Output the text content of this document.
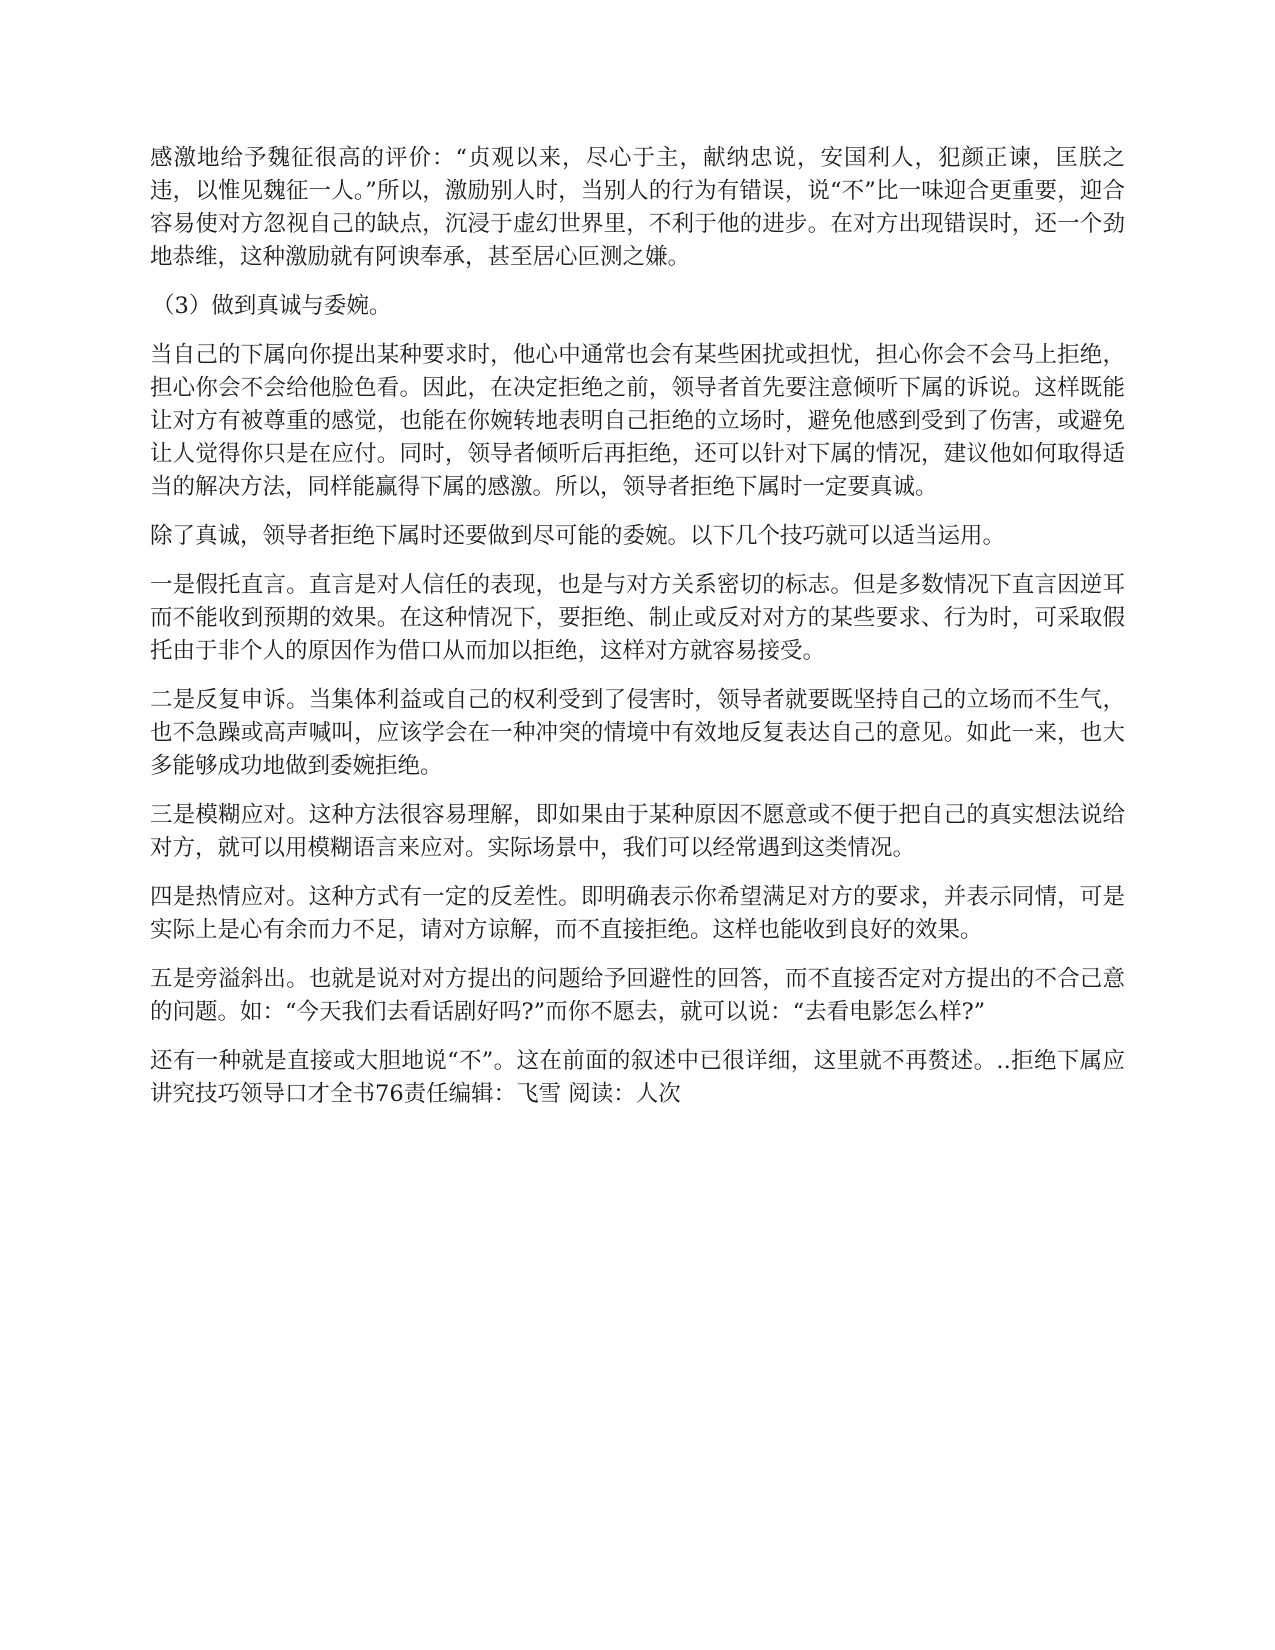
感激地给予魏征很高的评价：“贞观以来，尽心于主，献纳忠说，安国利人，犯颜正谏，匡朕之违，以惟见魏征一人。”所以，激励别人时，当别人的行为有错误，说“不”比一味迎合更重要，迎合容易使对方忽视自己的缺点，沉浸于虚幻世界里，不利于他的进步。在对方出现错误时，还一个劲地恭维，这种激励就有阿谀奉承，甚至居心叵测之嫌。

（3）做到真诚与委婉。

当自己的下属向你提出某种要求时，他心中通常也会有某些困扰或担忧，担心你会不会马上拒绝，担心你会不会给他脸色看。因此，在决定拒绝之前，领导者首先要注意倾听下属的诉说。这样既能让对方有被尊重的感觉，也能在你婉转地表明自己拒绝的立场时，避免他感到受到了伤害，或避免让人觉得你只是在应付。同时，领导者倾听后再拒绝，还可以针对下属的情况，建议他如何取得适当的解决方法，同样能赢得下属的感激。所以，领导者拒绝下属时一定要真诚。

除了真诚，领导者拒绝下属时还要做到尽可能的委婉。以下几个技巧就可以适当运用。

一是假托直言。直言是对人信任的表现，也是与对方关系密切的标志。但是多数情况下直言因逆耳而不能收到预期的效果。在这种情况下，要拒绝、制止或反对对方的某些要求、行为时，可采取假托由于非个人的原因作为借口从而加以拒绝，这样对方就容易接受。

二是反复申诉。当集体利益或自己的权利受到了侵害时，领导者就要既坚持自己的立场而不生气，也不急躁或高声喊叫，应该学会在一种冲突的情境中有效地反复表达自己的意见。如此一来，也大多能够成功地做到委婉拒绝。

三是模糊应对。这种方法很容易理解，即如果由于某种原因不愿意或不便于把自己的真实想法说给对方，就可以用模糊语言来应对。实际场景中，我们可以经常遇到这类情况。

四是热情应对。这种方式有一定的反差性。即明确表示你希望满足对方的要求，并表示同情，可是实际上是心有余而力不足，请对方谅解，而不直接拒绝。这样也能收到良好的效果。

五是旁溢斜出。也就是说对对方提出的问题给予回避性的回答，而不直接否定对方提出的不合己意的问题。如：“今天我们去看话剧好吗?”而你不愿去，就可以说：“去看电影怎么样?”

还有一种就是直接或大胆地说“不”。这在前面的叙述中已很详细，这里就不再赘述。..拒绝下属应讲究技巧领导口才全书76责任编辑：飞雪 阅读：人次
